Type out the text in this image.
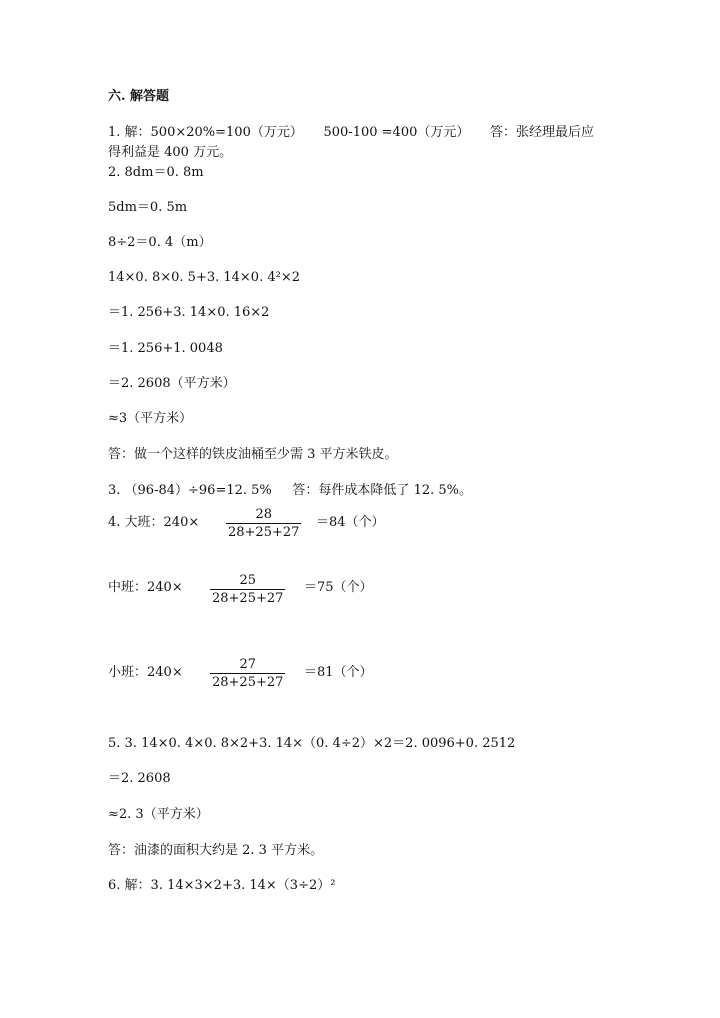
六. 解答题
1. 解：500×20%=100（万元）     500-100 =400（万元）     答：张经理最后应
得利益是 400 万元。
2. 8dm＝0. 8m
5dm＝0. 5m
8÷2＝0. 4（m）
14×0. 8×0. 5+3. 14×0. 4²×2
＝1. 256+3. 14×0. 16×2
＝1. 256+1. 0048
＝2. 2608（平方米）
≈3（平方米）
答：做一个这样的铁皮油桶至少需 3 平方米铁皮。
3. （96-84）÷96=12. 5%     答：每件成本降低了 12. 5%。
4. 大班：240×
28
28+25+27
＝84（个）
中班：240×	25
28+25+27
＝75（个）
小班：240×
27
28+25+27
＝81（个）
5. 3. 14×0. 4×0. 8×2+3. 14×（0. 4÷2）×2＝2. 0096+0. 2512
＝2. 2608
≈2. 3（平方米）
答：油漆的面积大约是 2. 3 平方米。
6. 解：3. 14×3×2+3. 14×（3÷2）²
